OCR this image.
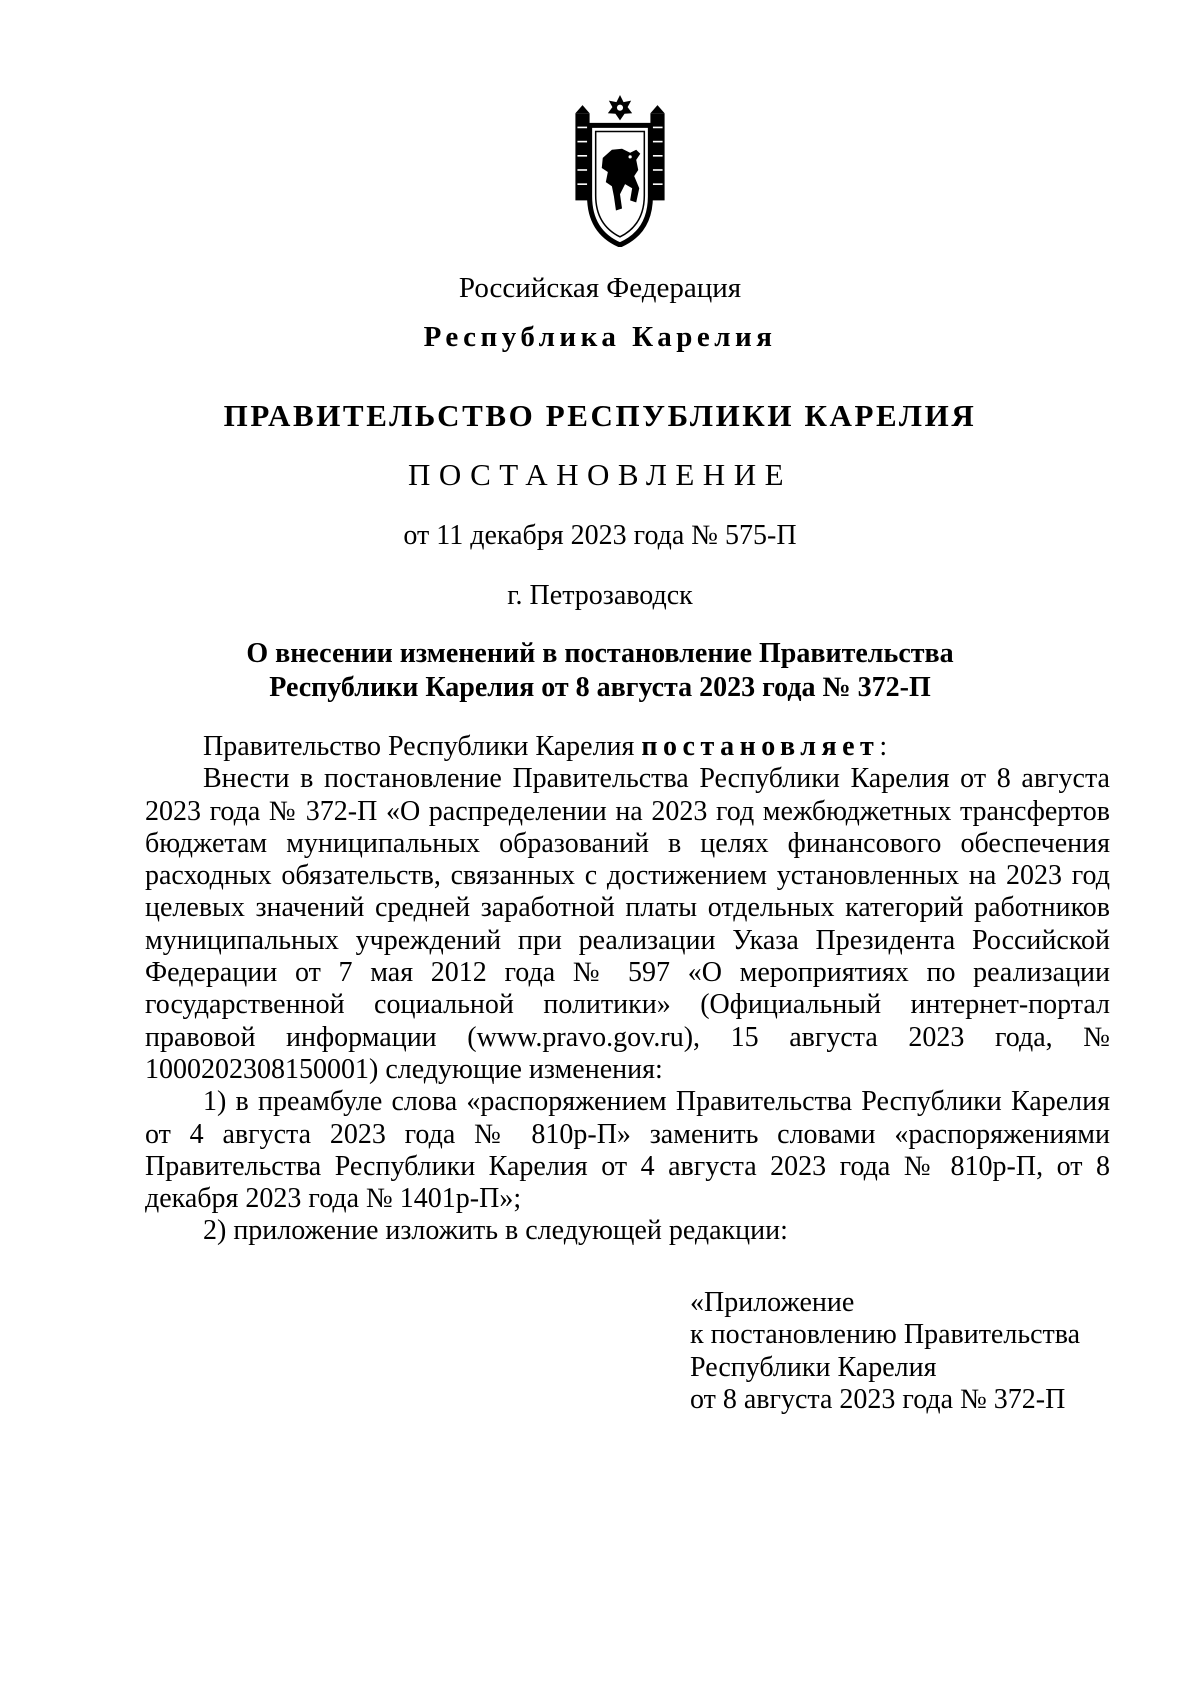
Российская Федерация
Республика Карелия
ПРАВИТЕЛЬСТВО РЕСПУБЛИКИ КАРЕЛИЯ
ПОСТАНОВЛЕНИЕ
от 11 декабря 2023 года № 575-П
г. Петрозаводск
О внесении изменений в постановление Правительства
Республики Карелия от 8 августа 2023 года № 372-П

Правительство Республики Карелия постановляет:

Внести в постановление Правительства Республики Карелия от 8 августа 2023 года № 372-П «О распределении на 2023 год межбюджетных трансфертов бюджетам муниципальных образований в целях финансового обеспечения расходных обязательств, связанных с достижением установленных на 2023 год целевых значений средней заработной платы отдельных категорий работников муниципальных учреждений при реализации Указа Президента Российской Федерации от 7 мая 2012 года № 597 «О мероприятиях по реализации государственной социальной политики» (Официальный интернет-портал правовой информации (www.pravo.gov.ru), 15 августа 2023 года, № 1000202308150001) следующие изменения:

1) в преамбуле слова «распоряжением Правительства Республики Карелия от 4 августа 2023 года № 810р-П» заменить словами «распоряжениями Правительства Республики Карелия от 4 августа 2023 года № 810р-П, от 8 декабря 2023 года № 1401р-П»;

2) приложение изложить в следующей редакции:

«Приложение
к постановлению Правительства
Республики Карелия
от 8 августа 2023 года № 372-П
